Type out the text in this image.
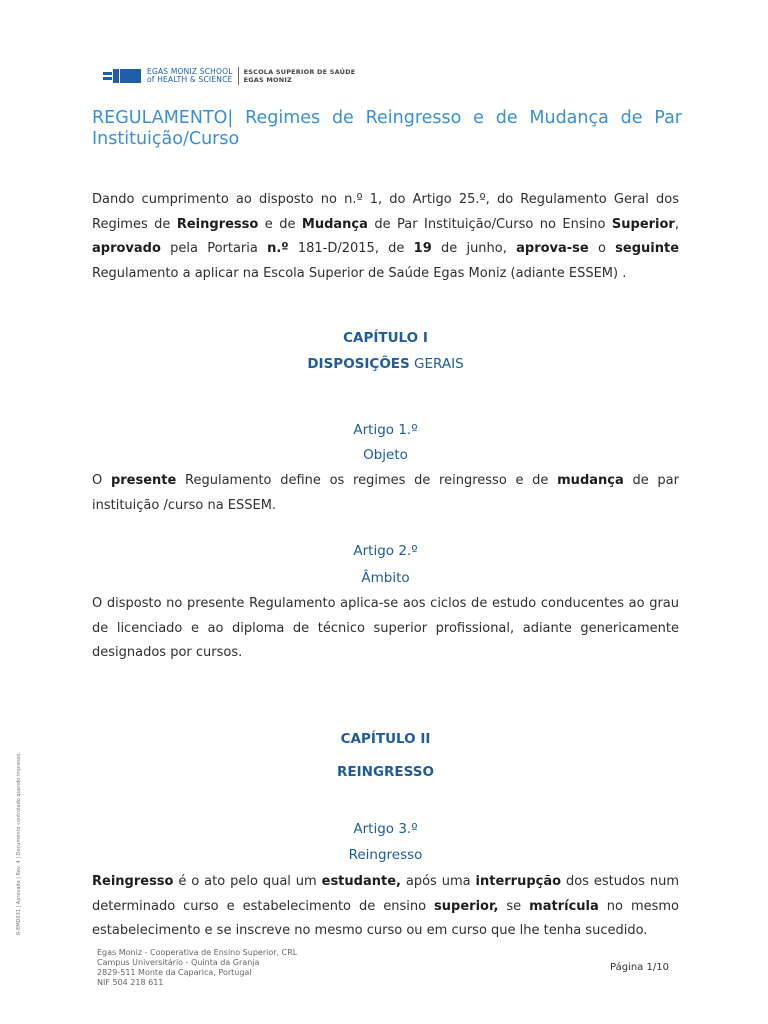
EGAS MONIZ SCHOOL
of HEALTH & SCIENCE
ESCOLA SUPERIOR DE SAÚDE
EGAS MONIZ
REGULAMENTO| Regimes de Reingresso e de Mudança de Par Instituição/Curso
Dando cumprimento ao disposto no n.º 1, do Artigo 25.º, do Regulamento Geral dos Regimes de Reingresso e de Mudança de Par Instituição/Curso no Ensino Superior, aprovado pela Portaria n.º 181-D/2015, de 19 de junho, aprova-se o seguinte Regulamento a aplicar na Escola Superior de Saúde Egas Moniz (adiante ESSEM) .
CAPÍTULO I
DISPOSIÇÕES GERAIS
Artigo 1.º
Objeto
O presente Regulamento define os regimes de reingresso e de mudança de par instituição /curso na ESSEM.
Artigo 2.º
Âmbito
O disposto no presente Regulamento aplica-se aos ciclos de estudo conducentes ao grau de licenciado e ao diploma de técnico superior profissional, adiante genericamente designados por cursos.
CAPÍTULO II
REINGRESSO
Artigo 3.º
Reingresso
Reingresso é o ato pelo qual um estudante, após uma interrupção dos estudos num determinado curso e estabelecimento de ensino superior, se matrícula no mesmo estabelecimento e se inscreve no mesmo curso ou em curso que lhe tenha sucedido.
R-EMD031 | Aprovado | Rev. 4 | Documento controlado quando impresso.
Egas Moniz - Cooperativa de Ensino Superior, CRL
Campus Universitário - Quinta da Granja
2829-511 Monte da Caparica, Portugal
NIF 504 218 611
Página 1/10
